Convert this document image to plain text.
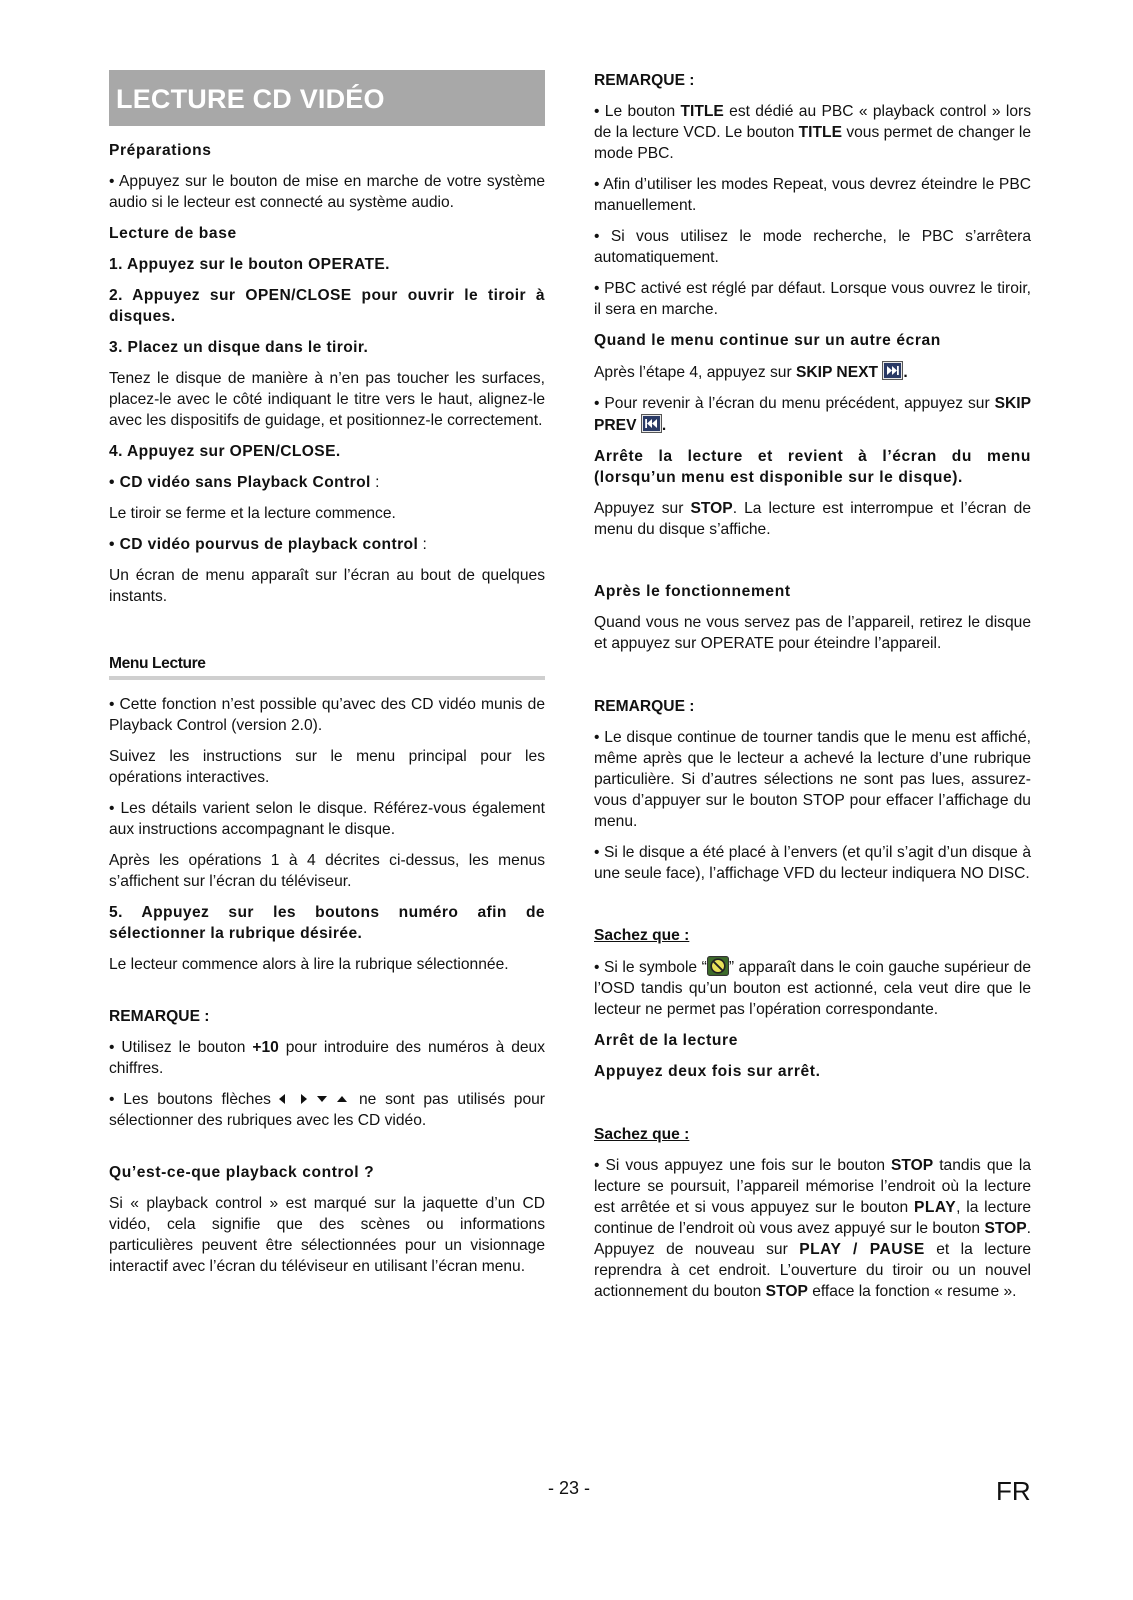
LECTURE CD VIDÉO

Préparations

• Appuyez sur le bouton de mise en marche de votre système audio si le lecteur est connecté au système audio.

Lecture de base

1. Appuyez sur le bouton OPERATE.

2. Appuyez sur OPEN/CLOSE pour ouvrir le tiroir à disques.

3. Placez un disque dans le tiroir.

Tenez le disque de manière à n’en pas toucher les surfaces, placez-le avec le côté indiquant le titre vers le haut, alignez-le avec les dispositifs de guidage, et positionnez-le correctement.

4. Appuyez sur OPEN/CLOSE.

• CD vidéo sans Playback Control :

Le tiroir se ferme et la lecture commence.

• CD vidéo pourvus de playback control :

Un écran de menu apparaît sur l’écran au bout de quelques instants.

Menu Lecture

• Cette fonction n’est possible qu’avec des CD vidéo munis de Playback Control (version 2.0).

Suivez les instructions sur le menu principal pour les opérations interactives.

• Les détails varient selon le disque. Référez-vous également aux instructions accompagnant le disque.

Après les opérations 1 à 4 décrites ci-dessus, les menus s’affichent sur l’écran du téléviseur.

5. Appuyez sur les boutons numéro afin de sélectionner la rubrique désirée.

Le lecteur commence alors à lire la rubrique sélectionnée.

REMARQUE :

• Utilisez le bouton +10 pour introduire des numéros à deux chiffres.

• Les boutons flèches	ne sont pas utilisés pour sélectionner des rubriques avec les CD vidéo.

Qu’est-ce-que playback control ?

Si « playback control » est marqué sur la jaquette d’un CD vidéo, cela signifie que des scènes ou informations particulières peuvent être sélectionnées pour un visionnage interactif avec l’écran du téléviseur en utilisant l’écran menu.

REMARQUE :

• Le bouton TITLE est dédié au PBC « playback control » lors de la lecture VCD. Le bouton TITLE vous permet de changer le mode PBC.

• Afin d’utiliser les modes Repeat, vous devrez éteindre le PBC manuellement.

• Si vous utilisez le mode recherche, le PBC s’arrêtera automatiquement.

• PBC activé est réglé par défaut. Lorsque vous ouvrez le tiroir, il sera en marche.

Quand le menu continue sur un autre écran

Après l’étape 4, appuyez sur SKIP NEXT .

• Pour revenir à l’écran du menu précédent, appuyez sur SKIP PREV .

Arrête la lecture et revient à l’écran du menu (lorsqu’un menu est disponible sur le disque).

Appuyez sur STOP. La lecture est interrompue et l’écran de menu du disque s’affiche.

Après le fonctionnement

Quand vous ne vous servez pas de l’appareil, retirez le disque et appuyez sur OPERATE pour éteindre l’appareil.

REMARQUE :

• Le disque continue de tourner tandis que le menu est affiché, même après que le lecteur a achevé la lecture d’une rubrique particulière. Si d’autres sélections ne sont pas lues, assurez-vous d’appuyer sur le bouton STOP pour effacer l’affichage du menu.

• Si le disque a été placé à l’envers (et qu’il s’agit d’un disque à une seule face), l’affichage VFD du lecteur indiquera NO DISC.

Sachez que :

• Si le symbole “ ” apparaît dans le coin gauche supérieur de l’OSD tandis qu’un bouton est actionné, cela veut dire que le lecteur ne permet pas l’opération correspondante.

Arrêt de la lecture

Appuyez deux fois sur arrêt.

Sachez que :

• Si vous appuyez une fois sur le bouton STOP tandis que la lecture se poursuit, l’appareil mémorise l’endroit où la lecture est arrêtée et si vous appuyez sur le bouton PLAY, la lecture continue de l’endroit où vous avez appuyé sur le bouton STOP. Appuyez de nouveau sur PLAY / PAUSE et la lecture reprendra à cet endroit. L’ouverture du tiroir ou un nouvel actionnement du bouton STOP efface la fonction « resume ».

- 23 -	FR
